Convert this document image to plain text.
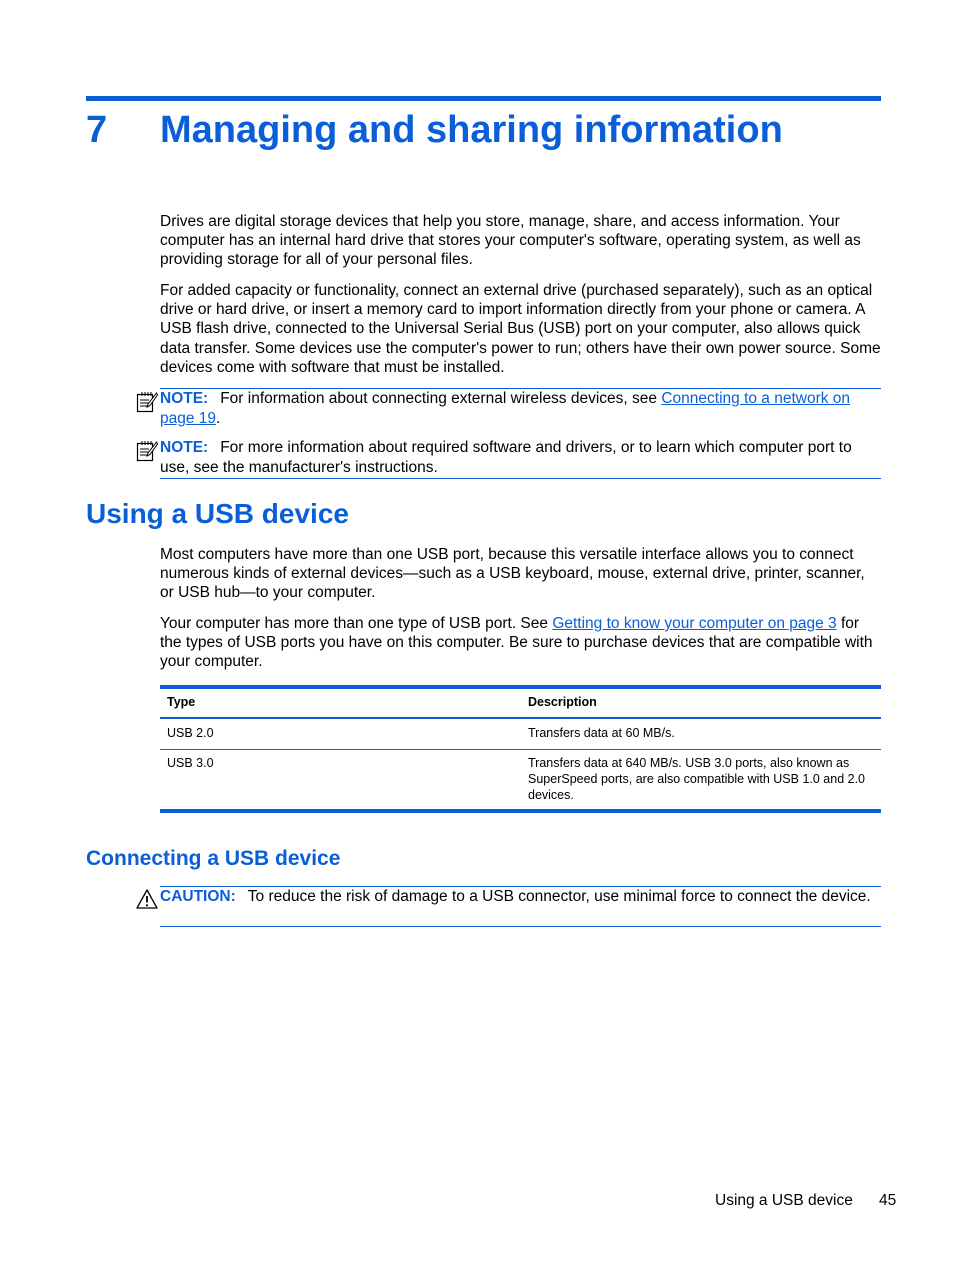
7 Managing and sharing information

Drives are digital storage devices that help you store, manage, share, and access information. Your computer has an internal hard drive that stores your computer's software, operating system, as well as providing storage for all of your personal files.

For added capacity or functionality, connect an external drive (purchased separately), such as an optical drive or hard drive, or insert a memory card to import information directly from your phone or camera. A USB flash drive, connected to the Universal Serial Bus (USB) port on your computer, also allows quick data transfer. Some devices use the computer's power to run; others have their own power source. Some devices come with software that must be installed.

NOTE: For information about connecting external wireless devices, see Connecting to a network on page 19.
NOTE: For more information about required software and drivers, or to learn which computer port to use, see the manufacturer's instructions.
Using a USB device

Most computers have more than one USB port, because this versatile interface allows you to connect numerous kinds of external devices—such as a USB keyboard, mouse, external drive, printer, scanner, or USB hub—to your computer.

Your computer has more than one type of USB port. See Getting to know your computer on page 3 for the types of USB ports you have on this computer. Be sure to purchase devices that are compatible with your computer.

Type	Description
USB 2.0	Transfers data at 60 MB/s.
USB 3.0	Transfers data at 640 MB/s. USB 3.0 ports, also known as SuperSpeed ports, are also compatible with USB 1.0 and 2.0 devices.
Connecting a USB device
CAUTION: To reduce the risk of damage to a USB connector, use minimal force to connect the device.
Using a USB device 45
